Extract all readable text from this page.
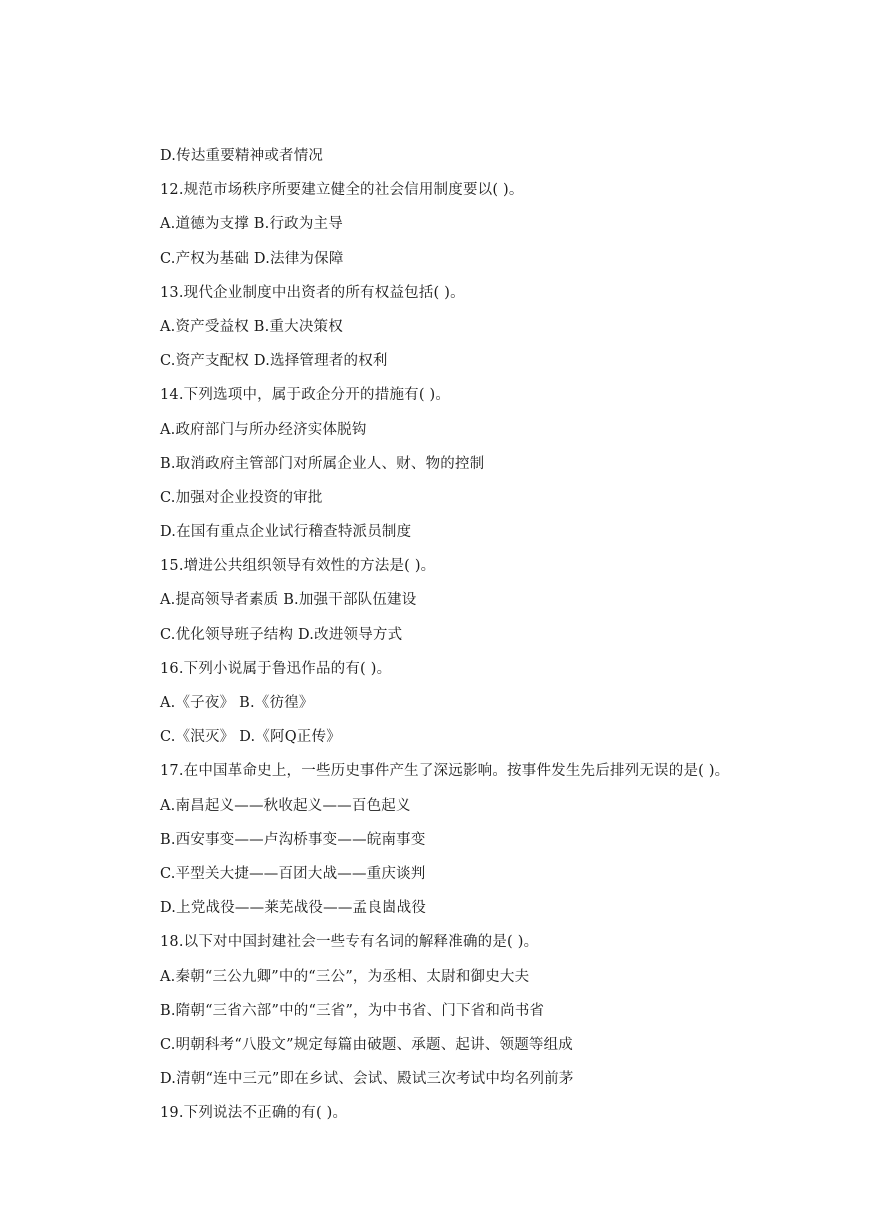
D.传达重要精神或者情况
12.规范市场秩序所要建立健全的社会信用制度要以( )。
A.道德为支撑 B.行政为主导
C.产权为基础 D.法律为保障
13.现代企业制度中出资者的所有权益包括( )。
A.资产受益权 B.重大决策权
C.资产支配权 D.选择管理者的权利
14.下列选项中，属于政企分开的措施有( )。
A.政府部门与所办经济实体脱钩
B.取消政府主管部门对所属企业人、财、物的控制
C.加强对企业投资的审批
D.在国有重点企业试行稽查特派员制度
15.增进公共组织领导有效性的方法是( )。
A.提高领导者素质 B.加强干部队伍建设
C.优化领导班子结构 D.改进领导方式
16.下列小说属于鲁迅作品的有( )。
A.《子夜》 B.《彷徨》
C.《泯灭》 D.《阿Q正传》
17.在中国革命史上，一些历史事件产生了深远影响。按事件发生先后排列无误的是( )。
A.南昌起义——秋收起义——百色起义
B.西安事变——卢沟桥事变——皖南事变
C.平型关大捷——百团大战——重庆谈判
D.上党战役——莱芜战役——孟良崮战役
18.以下对中国封建社会一些专有名词的解释准确的是( )。
A.秦朝“三公九卿”中的“三公”，为丞相、太尉和御史大夫
B.隋朝“三省六部”中的“三省”，为中书省、门下省和尚书省
C.明朝科考“八股文”规定每篇由破题、承题、起讲、领题等组成
D.清朝“连中三元”即在乡试、会试、殿试三次考试中均名列前茅
19.下列说法不正确的有( )。
